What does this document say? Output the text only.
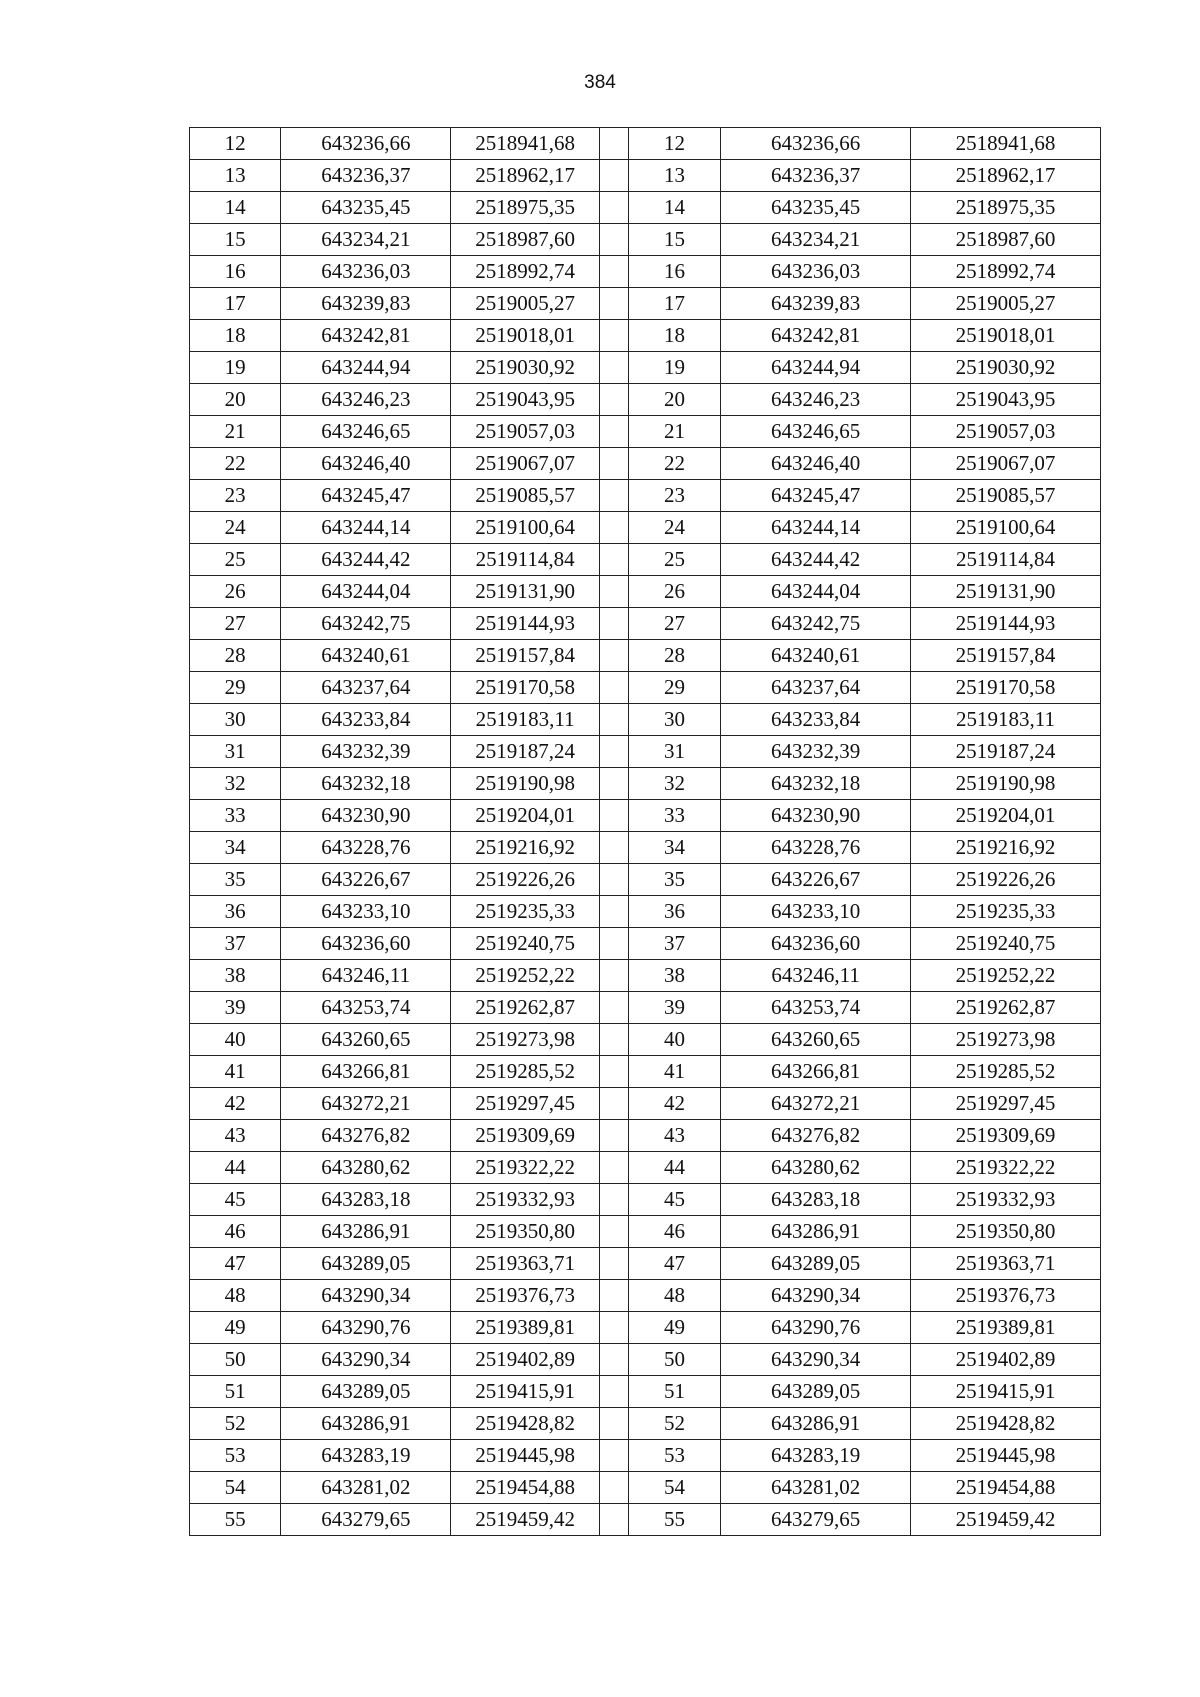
384
12	643236,66	2518941,68		12	643236,66	2518941,68
13	643236,37	2518962,17		13	643236,37	2518962,17
14	643235,45	2518975,35		14	643235,45	2518975,35
15	643234,21	2518987,60		15	643234,21	2518987,60
16	643236,03	2518992,74		16	643236,03	2518992,74
17	643239,83	2519005,27		17	643239,83	2519005,27
18	643242,81	2519018,01		18	643242,81	2519018,01
19	643244,94	2519030,92		19	643244,94	2519030,92
20	643246,23	2519043,95		20	643246,23	2519043,95
21	643246,65	2519057,03		21	643246,65	2519057,03
22	643246,40	2519067,07		22	643246,40	2519067,07
23	643245,47	2519085,57		23	643245,47	2519085,57
24	643244,14	2519100,64		24	643244,14	2519100,64
25	643244,42	2519114,84		25	643244,42	2519114,84
26	643244,04	2519131,90		26	643244,04	2519131,90
27	643242,75	2519144,93		27	643242,75	2519144,93
28	643240,61	2519157,84		28	643240,61	2519157,84
29	643237,64	2519170,58		29	643237,64	2519170,58
30	643233,84	2519183,11		30	643233,84	2519183,11
31	643232,39	2519187,24		31	643232,39	2519187,24
32	643232,18	2519190,98		32	643232,18	2519190,98
33	643230,90	2519204,01		33	643230,90	2519204,01
34	643228,76	2519216,92		34	643228,76	2519216,92
35	643226,67	2519226,26		35	643226,67	2519226,26
36	643233,10	2519235,33		36	643233,10	2519235,33
37	643236,60	2519240,75		37	643236,60	2519240,75
38	643246,11	2519252,22		38	643246,11	2519252,22
39	643253,74	2519262,87		39	643253,74	2519262,87
40	643260,65	2519273,98		40	643260,65	2519273,98
41	643266,81	2519285,52		41	643266,81	2519285,52
42	643272,21	2519297,45		42	643272,21	2519297,45
43	643276,82	2519309,69		43	643276,82	2519309,69
44	643280,62	2519322,22		44	643280,62	2519322,22
45	643283,18	2519332,93		45	643283,18	2519332,93
46	643286,91	2519350,80		46	643286,91	2519350,80
47	643289,05	2519363,71		47	643289,05	2519363,71
48	643290,34	2519376,73		48	643290,34	2519376,73
49	643290,76	2519389,81		49	643290,76	2519389,81
50	643290,34	2519402,89		50	643290,34	2519402,89
51	643289,05	2519415,91		51	643289,05	2519415,91
52	643286,91	2519428,82		52	643286,91	2519428,82
53	643283,19	2519445,98		53	643283,19	2519445,98
54	643281,02	2519454,88		54	643281,02	2519454,88
55	643279,65	2519459,42		55	643279,65	2519459,42
